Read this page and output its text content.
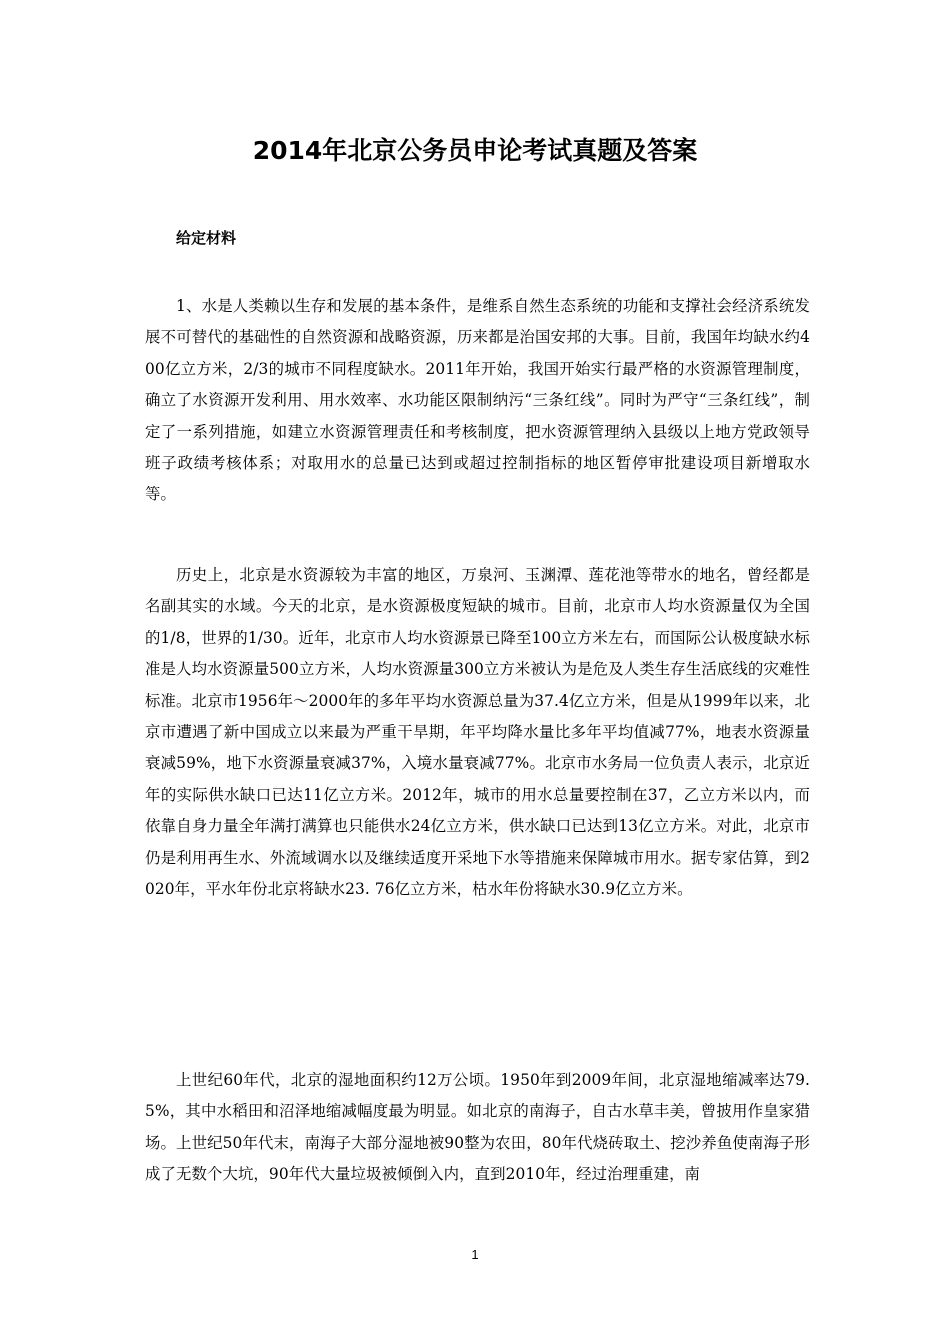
2014年北京公务员申论考试真题及答案
给定材料

1、水是人类赖以生存和发展的基本条件，是维系自然生态系统的功能和支撑社会经济系统发展不可替代的基础性的自然资源和战略资源，历来都是治国安邦的大事。目前，我国年均缺水约400亿立方米，2/3的城市不同程度缺水。2011年开始，我国开始实行最严格的水资源管理制度，确立了水资源开发利用、用水效率、水功能区限制纳污“三条红线”。同时为严守“三条红线”，制定了一系列措施，如建立水资源管理责任和考核制度，把水资源管理纳入县级以上地方党政领导班子政绩考核体系；对取用水的总量已达到或超过控制指标的地区暂停审批建设项目新增取水等。

历史上，北京是水资源较为丰富的地区，万泉河、玉渊潭、莲花池等带水的地名，曾经都是名副其实的水域。今天的北京，是水资源极度短缺的城市。目前，北京市人均水资源量仅为全国的1/8，世界的1/30。近年，北京市人均水资源景已降至100立方米左右，而国际公认极度缺水标准是人均水资源量500立方米，人均水资源量300立方米被认为是危及人类生存生活底线的灾难性标准。北京市1956年～2000年的多年平均水资源总量为37.4亿立方米，但是从1999年以来，北京市遭遇了新中国成立以来最为严重干旱期，年平均降水量比多年平均值减77%，地表水资源量衰减59%，地下水资源量衰减37%，入境水量衰减77%。北京市水务局一位负责人表示，北京近年的实际供水缺口已达11亿立方米。2012年，城市的用水总量要控制在37，乙立方米以内，而依靠自身力量全年满打满算也只能供水24亿立方米，供水缺口已达到13亿立方米。对此，北京市仍是利用再生水、外流域调水以及继续适度开采地下水等措施来保障城市用水。据专家估算，到2020年，平水年份北京将缺水23. 76亿立方米，枯水年份将缺水30.9亿立方米。

上世纪60年代，北京的湿地面积约12万公顷。1950年到2009年间，北京湿地缩减率达79.5%，其中水稻田和沼泽地缩减幅度最为明显。如北京的南海子，自古水草丰美，曾披用作皇家猎场。上世纪50年代末，南海子大部分湿地被90整为农田，80年代烧砖取土、挖沙养鱼使南海子形成了无数个大坑，90年代大量垃圾被倾倒入内，直到2010年，经过治理重建，南

1
